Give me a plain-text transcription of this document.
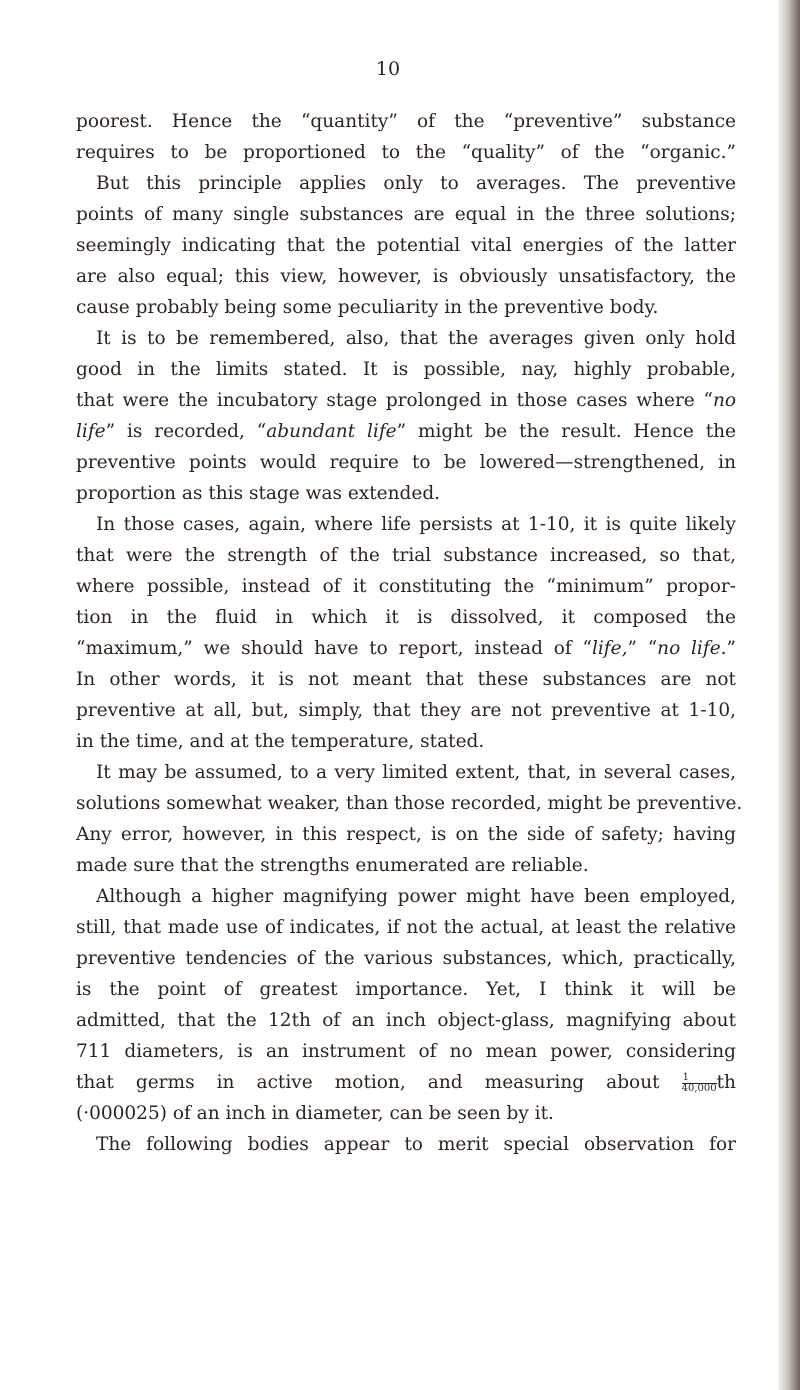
10
poorest. Hence the “quantity” of the “preventive” substance
requires to be proportioned to the “quality” of the “organic.”
But this principle applies only to averages. The preventive
points of many single substances are equal in the three solutions;
seemingly indicating that the potential vital energies of the latter
are also equal; this view, however, is obviously unsatisfactory, the
cause probably being some peculiarity in the preventive body.
It is to be remembered, also, that the averages given only hold
good in the limits stated. It is possible, nay, highly probable,
that were the incubatory stage prolonged in those cases where “no
life” is recorded, “abundant life” might be the result. Hence the
preventive points would require to be lowered—strengthened, in
proportion as this stage was extended.
In those cases, again, where life persists at 1-10, it is quite likely
that were the strength of the trial substance increased, so that,
where possible, instead of it constituting the “minimum” propor-
tion in the fluid in which it is dissolved, it composed the
“maximum,” we should have to report, instead of “life,” “no life.”
In other words, it is not meant that these substances are not
preventive at all, but, simply, that they are not preventive at 1-10,
in the time, and at the temperature, stated.
It may be assumed, to a very limited extent, that, in several cases,
solutions somewhat weaker, than those recorded, might be preventive.
Any error, however, in this respect, is on the side of safety; having
made sure that the strengths enumerated are reliable.
Although a higher magnifying power might have been employed,
still, that made use of indicates, if not the actual, at least the relative
preventive tendencies of the various substances, which, practically,
is the point of greatest importance. Yet, I think it will be
admitted, that the 12th of an inch object-glass, magnifying about
711 diameters, is an instrument of no mean power, considering
that germs in active motion, and measuring about $\frac{1}{40,000}$ th
(·000025) of an inch in diameter, can be seen by it.
The following bodies appear to merit special observation for
